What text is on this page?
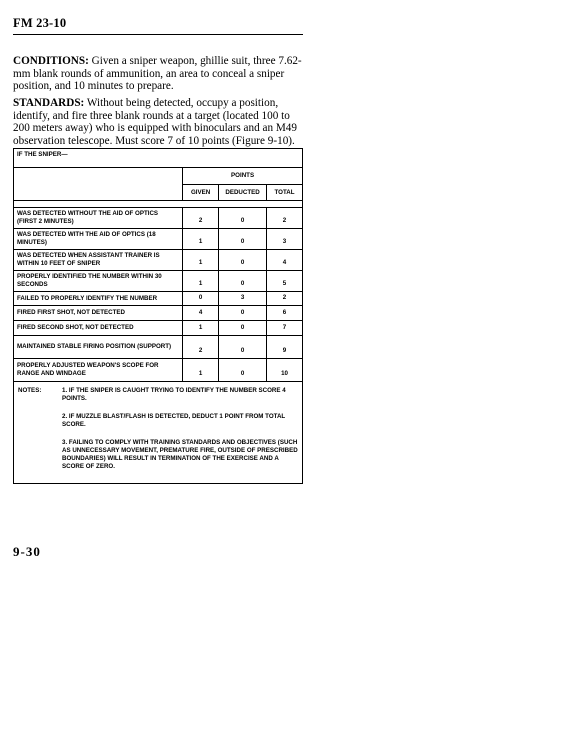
FM 23-10
CONDITIONS: Given a sniper weapon, ghillie suit, three 7.62-mm blank rounds of ammunition, an area to conceal a sniper position, and 10 minutes to prepare.
STANDARDS: Without being detected, occupy a position, identify, and fire three blank rounds at a target (located 100 to 200 meters away) who is equipped with binoculars and an M49 observation telescope. Must score 7 of 10 points (Figure 9-10).
IF THE SNIPER—			
	POINTS		
	GIVEN	DEDUCTED	TOTAL

WAS DETECTED WITHOUT THE AID OF OPTICS (FIRST 2 MINUTES)	2	0	2
WAS DETECTED WITH THE AID OF OPTICS (18 MINUTES)	1	0	3
WAS DETECTED WHEN ASSISTANT TRAINER IS WITHIN 10 FEET OF SNIPER	1	0	4
PROPERLY IDENTIFIED THE NUMBER WITHIN 30 SECONDS	1	0	5
FAILED TO PROPERLY IDENTIFY THE NUMBER	0	3	2
FIRED FIRST SHOT, NOT DETECTED	4	0	6
FIRED SECOND SHOT, NOT DETECTED	1	0	7
MAINTAINED STABLE FIRING POSITION (SUPPORT)	2	0	9
PROPERLY ADJUSTED WEAPON'S SCOPE FOR RANGE AND WINDAGE	1	0	10

NOTES: 1. IF THE SNIPER IS CAUGHT TRYING TO IDENTIFY THE NUMBER SCORE 4 POINTS.

2. IF MUZZLE BLAST/FLASH IS DETECTED, DEDUCT 1 POINT FROM TOTAL SCORE.

3. FAILING TO COMPLY WITH TRAINING STANDARDS AND OBJECTIVES (SUCH AS UNNECESSARY MOVEMENT, PREMATURE FIRE, OUTSIDE OF PRESCRIBED BOUNDARIES) WILL RESULT IN TERMINATION OF THE EXERCISE AND A SCORE OF ZERO.			

9-30
